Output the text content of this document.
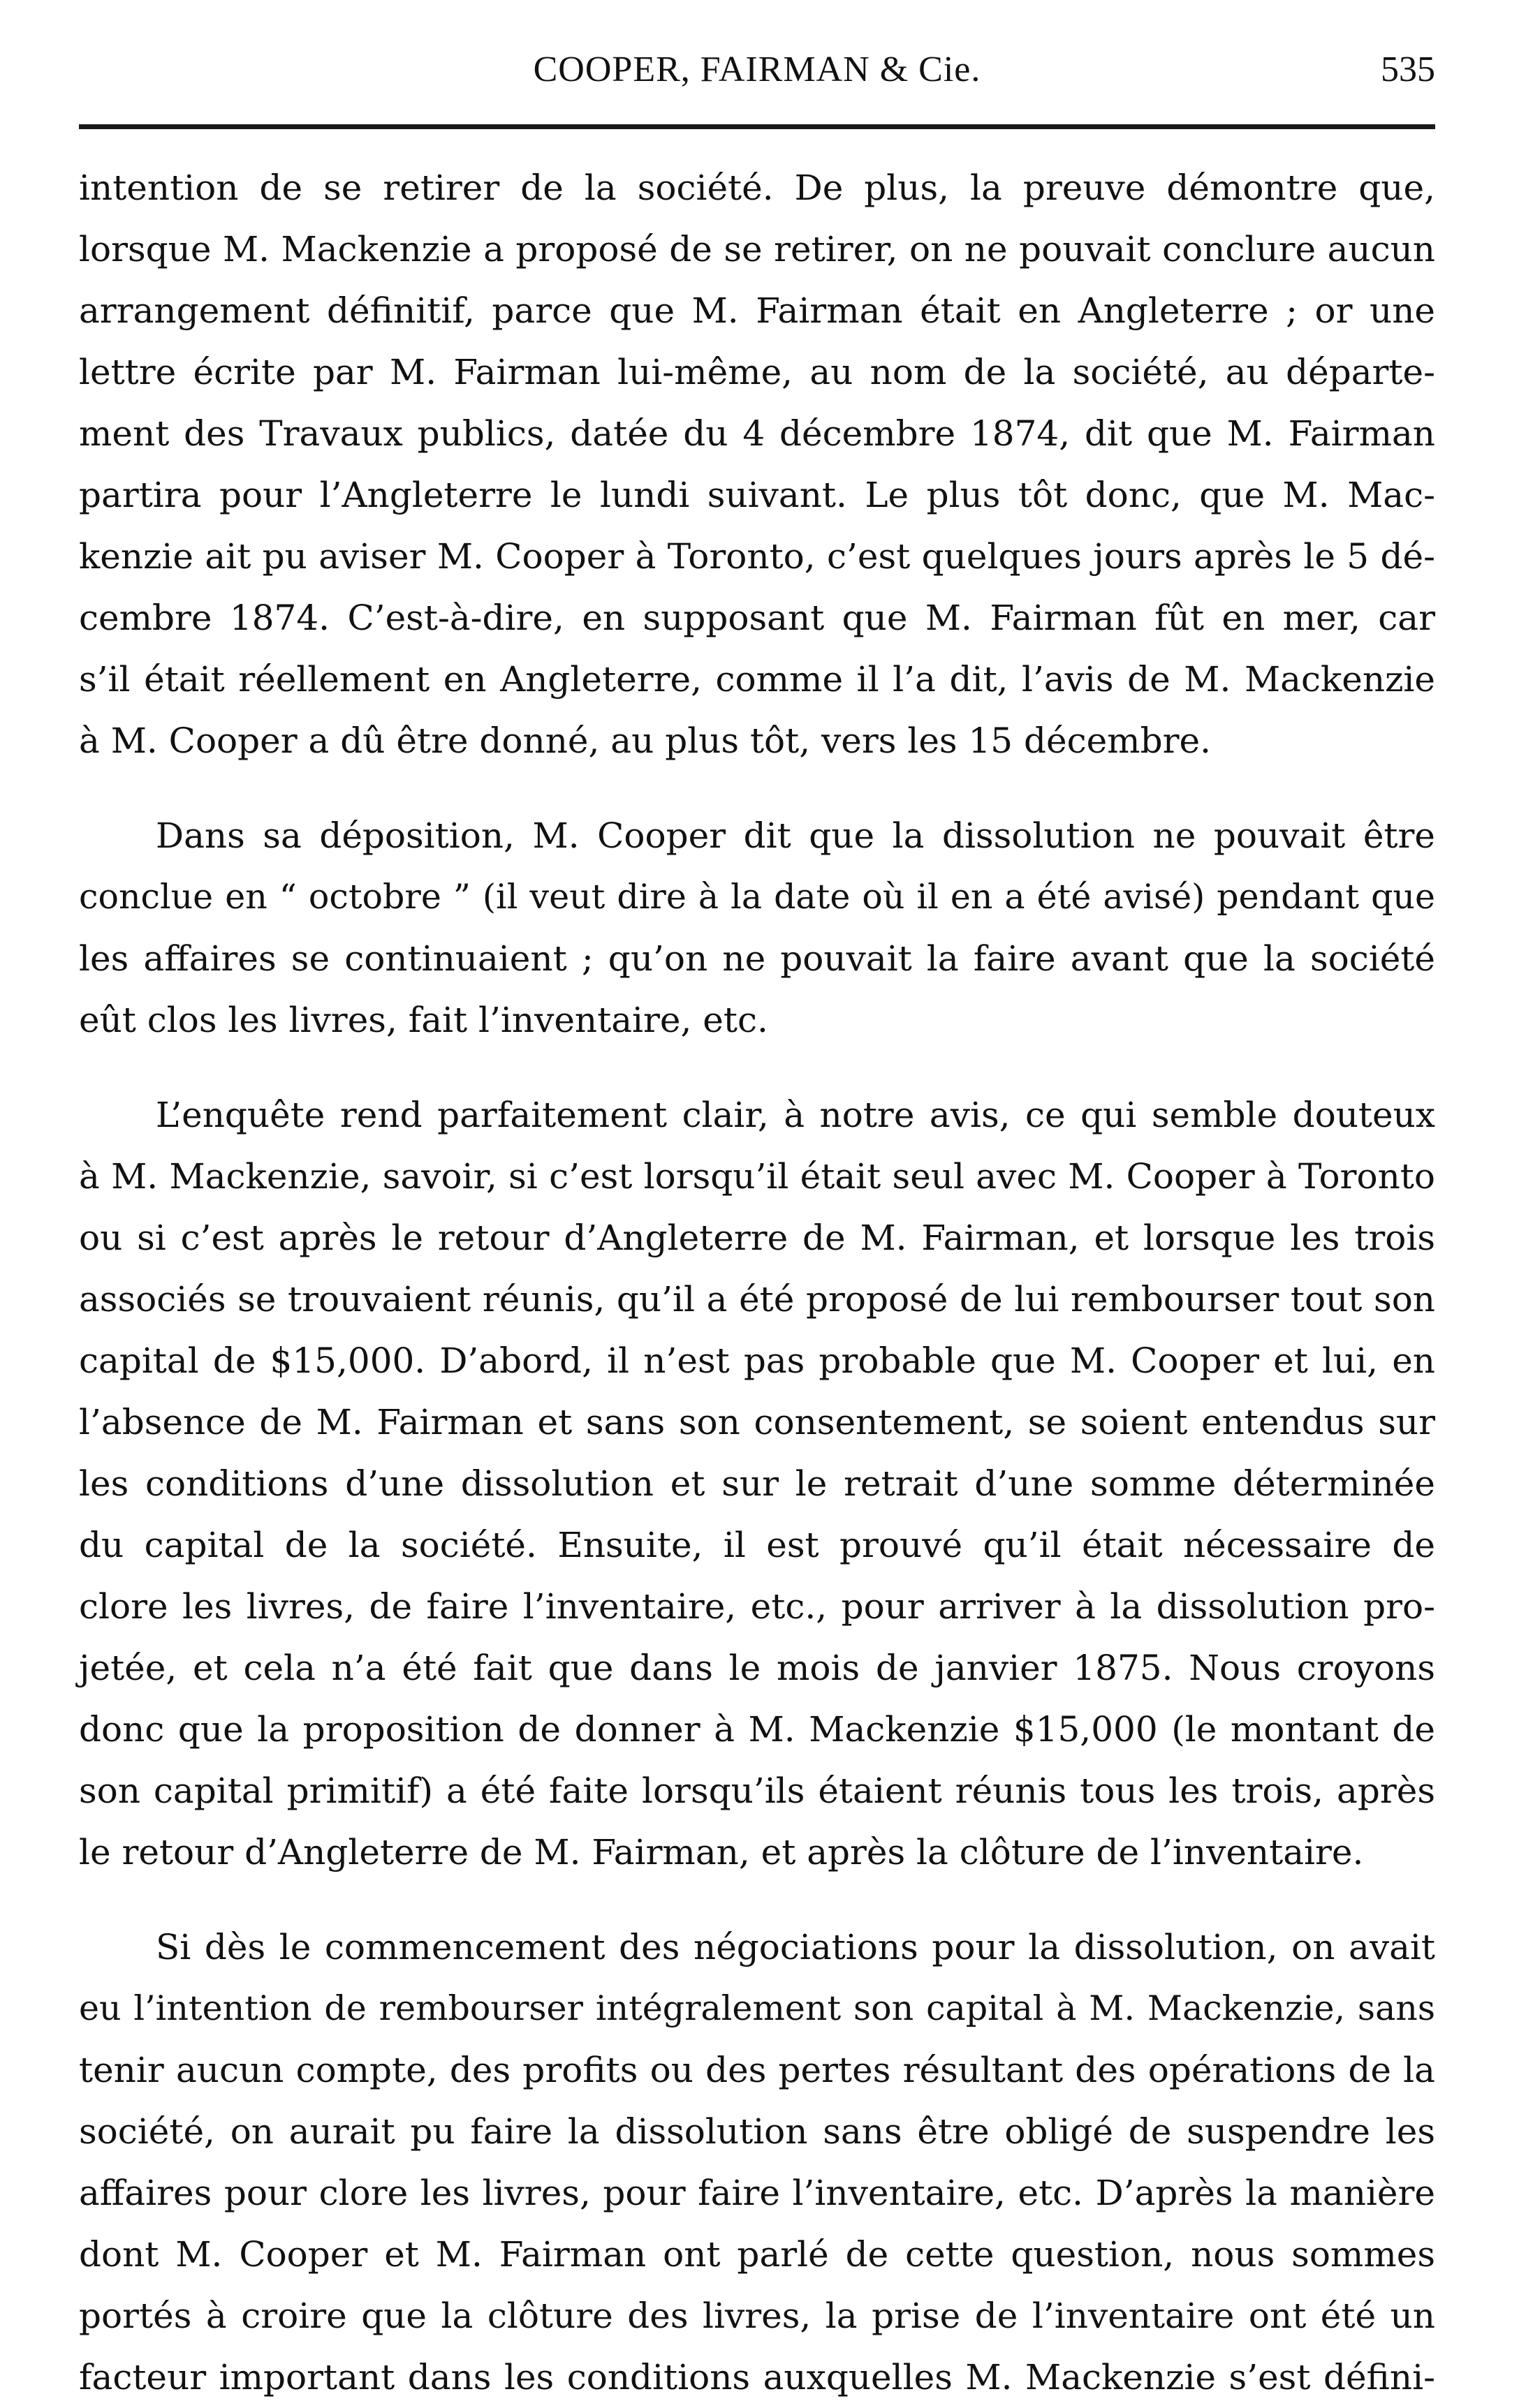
COOPER, FAIRMAN & Cie.	535

intention de se retirer de la société. De plus, la preuve démontre que,
lorsque M. Mackenzie a proposé de se retirer, on ne pouvait conclure aucun
arrangement définitif, parce que M. Fairman était en Angleterre ; or une
lettre écrite par M. Fairman lui-même, au nom de la société, au départe-
ment des Travaux publics, datée du 4 décembre 1874, dit que M. Fairman
partira pour l’Angleterre le lundi suivant. Le plus tôt donc, que M. Mac-
kenzie ait pu aviser M. Cooper à Toronto, c’est quelques jours après le 5 dé-
cembre 1874. C’est-à-dire, en supposant que M. Fairman fût en mer, car
s’il était réellement en Angleterre, comme il l’a dit, l’avis de M. Mackenzie
à M. Cooper a dû être donné, au plus tôt, vers les 15 décembre.

Dans sa déposition, M. Cooper dit que la dissolution ne pouvait être
conclue en “ octobre ” (il veut dire à la date où il en a été avisé) pendant que
les affaires se continuaient ; qu’on ne pouvait la faire avant que la société
eût clos les livres, fait l’inventaire, etc.

L’enquête rend parfaitement clair, à notre avis, ce qui semble douteux
à M. Mackenzie, savoir, si c’est lorsqu’il était seul avec M. Cooper à Toronto
ou si c’est après le retour d’Angleterre de M. Fairman, et lorsque les trois
associés se trouvaient réunis, qu’il a été proposé de lui rembourser tout son
capital de $15,000. D’abord, il n’est pas probable que M. Cooper et lui, en
l’absence de M. Fairman et sans son consentement, se soient entendus sur
les conditions d’une dissolution et sur le retrait d’une somme déterminée
du capital de la société. Ensuite, il est prouvé qu’il était nécessaire de
clore les livres, de faire l’inventaire, etc., pour arriver à la dissolution pro-
jetée, et cela n’a été fait que dans le mois de janvier 1875. Nous croyons
donc que la proposition de donner à M. Mackenzie $15,000 (le montant de
son capital primitif) a été faite lorsqu’ils étaient réunis tous les trois, après
le retour d’Angleterre de M. Fairman, et après la clôture de l’inventaire.

Si dès le commencement des négociations pour la dissolution, on avait
eu l’intention de rembourser intégralement son capital à M. Mackenzie, sans
tenir aucun compte, des profits ou des pertes résultant des opérations de la
société, on aurait pu faire la dissolution sans être obligé de suspendre les
affaires pour clore les livres, pour faire l’inventaire, etc. D’après la manière
dont M. Cooper et M. Fairman ont parlé de cette question, nous sommes
portés à croire que la clôture des livres, la prise de l’inventaire ont été un
facteur important dans les conditions auxquelles M. Mackenzie s’est défini-
